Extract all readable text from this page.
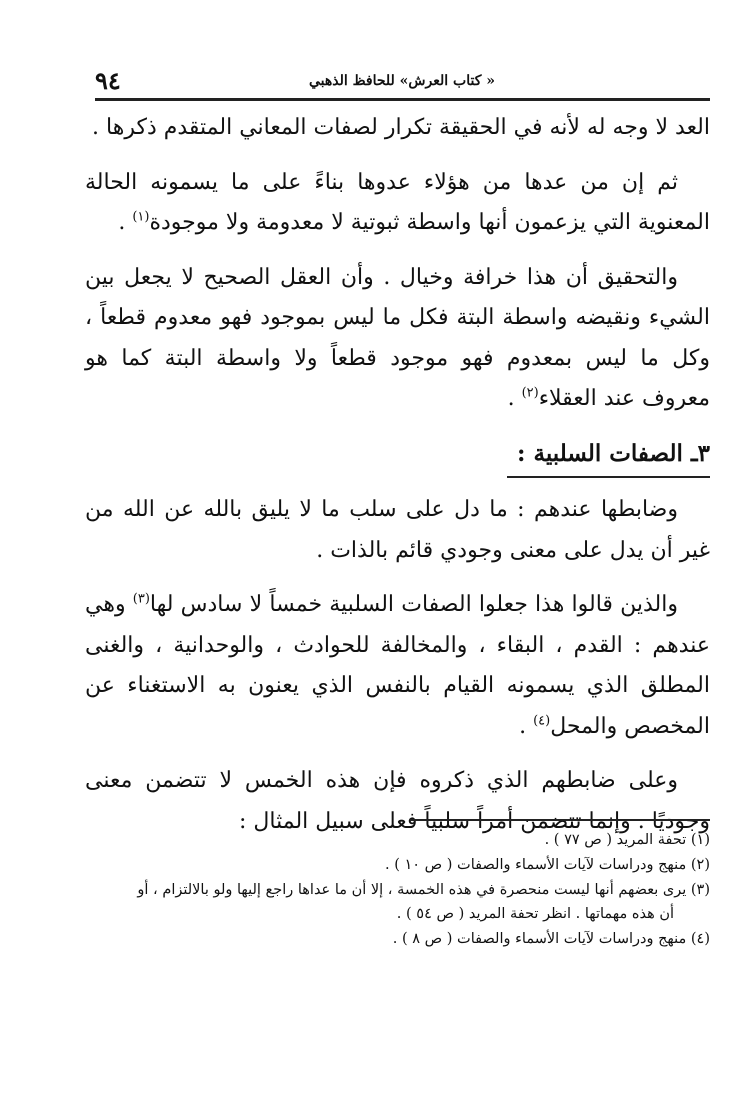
٩٤	« كتاب العرش» للحافظ الذهبي

العد لا وجه له لأنه في الحقيقة تكرار لصفات المعاني المتقدم ذكرها .

ثم إن من عدها من هؤلاء عدوها بناءً على ما يسمونه الحالة المعنوية التي يزعمون أنها واسطة ثبوتية لا معدومة ولا موجودة$^{(١)}$ .

والتحقيق أن هذا خرافة وخيال . وأن العقل الصحيح لا يجعل بين الشيء ونقيضه واسطة البتة فكل ما ليس بموجود فهو معدوم قطعاً ، وكل ما ليس بمعدوم فهو موجود قطعاً ولا واسطة البتة كما هو معروف عند العقلاء$^{(٢)}$ .

٣ـ الصفات السلبية :

وضابطها عندهم : ما دل على سلب ما لا يليق بالله عن الله من غير أن يدل على معنى وجودي قائم بالذات .

والذين قالوا هذا جعلوا الصفات السلبية خمساً لا سادس لها$^{(٣)}$ وهي عندهم : القدم ، البقاء ، والمخالفة للحوادث ، والوحدانية ، والغنى المطلق الذي يسمونه القيام بالنفس الذي يعنون به الاستغناء عن المخصص والمحل$^{(٤)}$ .

وعلى ضابطهم الذي ذكروه فإن هذه الخمس لا تتضمن معنى وجوديًا . وإنما تتضمن أمراً سلبياً فعلى سبيل المثال :

(١) تحفة المريد ( ص ٧٧ ) .
(٢) منهج ودراسات لآيات الأسماء والصفات ( ص ١٠ ) .
(٣) يرى بعضهم أنها ليست منحصرة في هذه الخمسة ، إلا أن ما عداها راجع إليها ولو بالالتزام ، أو
أن هذه مهماتها . انظر تحفة المريد ( ص ٥٤ ) .
(٤) منهج ودراسات لآيات الأسماء والصفات ( ص ٨ ) .
